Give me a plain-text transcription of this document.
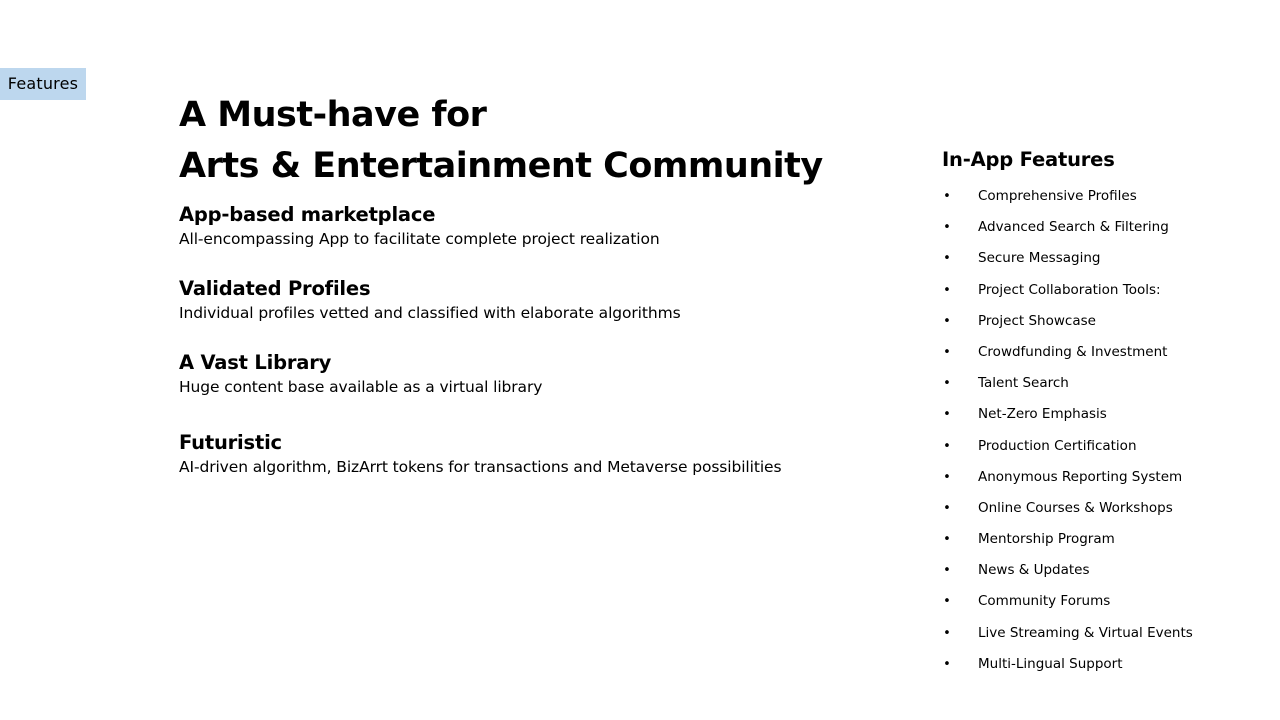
Features
A Must-have for
Arts & Entertainment Community
App-based marketplace
All-encompassing App to facilitate complete project realization
Validated Profiles
Individual profiles vetted and classified with elaborate algorithms
A Vast Library
Huge content base available as a virtual library
Futuristic
AI-driven algorithm, BizArrt tokens for transactions and Metaverse possibilities
In-App Features
• Comprehensive Profiles
• Advanced Search & Filtering
• Secure Messaging
• Project Collaboration Tools:
• Project Showcase
• Crowdfunding & Investment
• Talent Search
• Net-Zero Emphasis
• Production Certification
• Anonymous Reporting System
• Online Courses & Workshops
• Mentorship Program
• News & Updates
• Community Forums
• Live Streaming & Virtual Events
• Multi-Lingual Support
